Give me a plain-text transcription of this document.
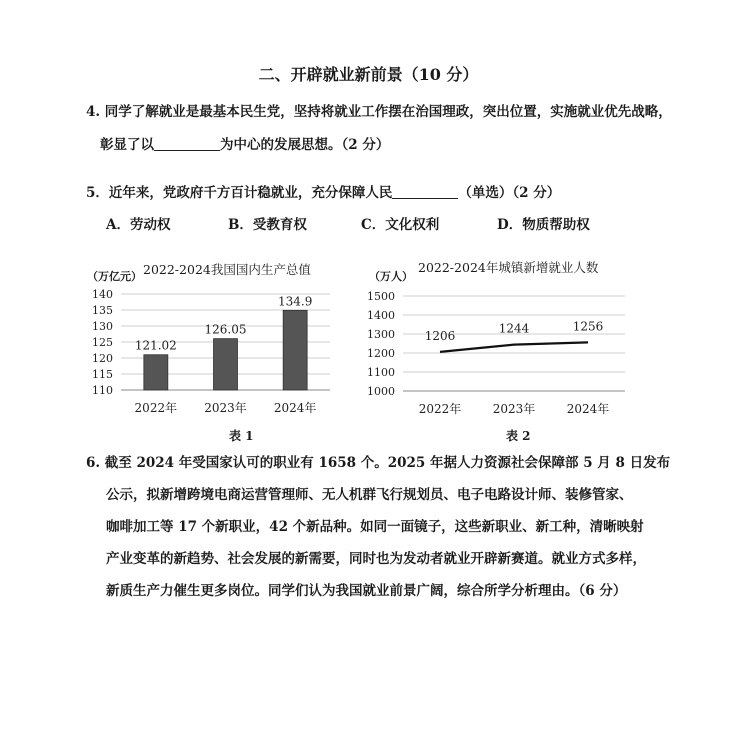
二、开辟就业新前景（10 分）
4. 同学了解就业是最基本民生党，坚持将就业工作摆在治国理政，突出位置，实施就业优先战略，
彰显了以	为中心的发展思想。（2 分）
5．近年来，党政府千方百计稳就业，充分保障人民	（单选）（2 分）
A．劳动权	B．受教育权	C．文化权利	D．物质帮助权
2022-2024我国国内生产总值
（万亿元）
110
115
120
125
130
135
140
2022年 2023年 2024年
121.02
126.05
134.9
表 1
2022-2024年城镇新增就业人数
（万人）
1000
1100
1200
1300
1400
1500
2022年	2023年	2024年
1206
1244	1256
表 2
6. 截至 2024 年受国家认可的职业有 1658 个。2025 年据人力资源社会保障部 5 月 8 日发布
公示，拟新增跨境电商运营管理师、无人机群飞行规划员、电子电路设计师、装修管家、
咖啡加工等 17 个新职业，42 个新品种。如同一面镜子，这些新职业、新工种，清晰映射
产业变革的新趋势、社会发展的新需要，同时也为发动者就业开辟新赛道。就业方式多样，
新质生产力催生更多岗位。同学们认为我国就业前景广阔，综合所学分析理由。（6 分）
